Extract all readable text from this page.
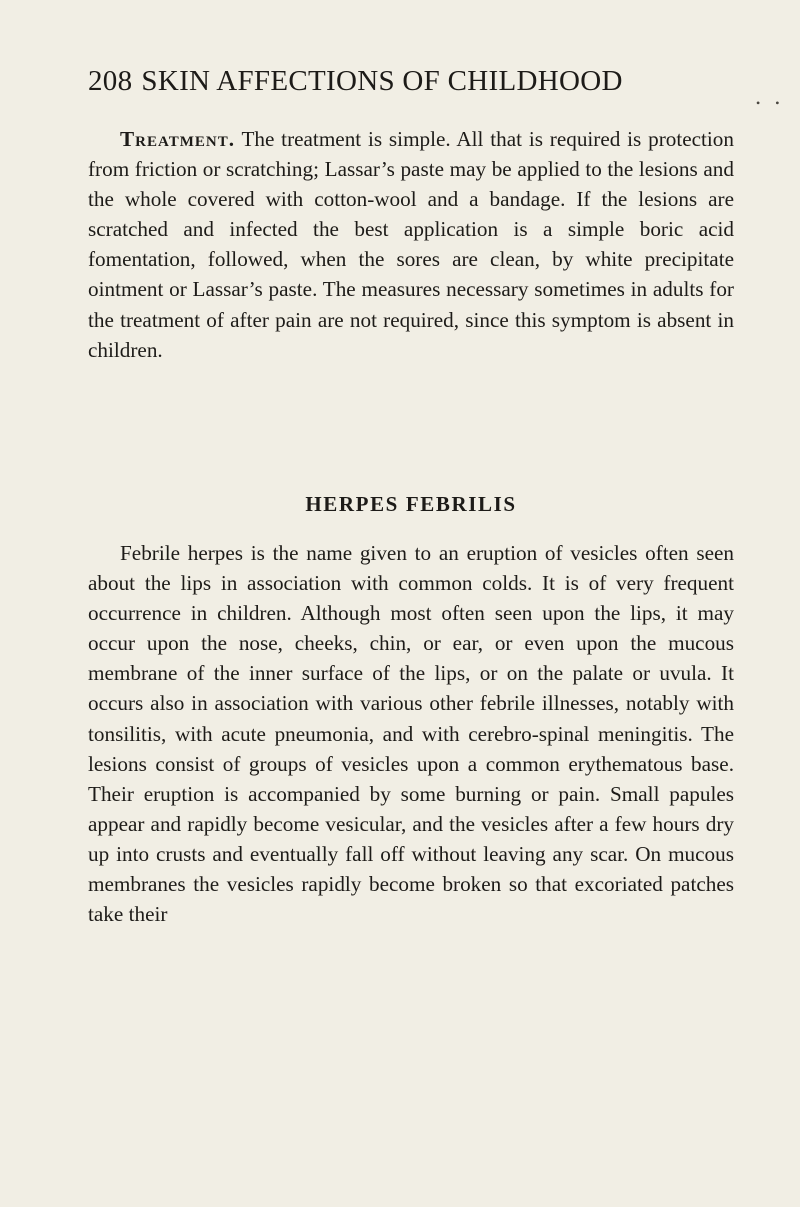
208 SKIN AFFECTIONS OF CHILDHOOD
• •

Treatment. The treatment is simple. All that is required is protection from friction or scratching; Lassar’s paste may be applied to the lesions and the whole covered with cotton-wool and a bandage. If the lesions are scratched and infected the best application is a simple boric acid fomentation, followed, when the sores are clean, by white precipitate ointment or Lassar’s paste. The measures necessary sometimes in adults for the treatment of after pain are not required, since this symptom is absent in children.

HERPES FEBRILIS

Febrile herpes is the name given to an eruption of vesicles often seen about the lips in association with common colds. It is of very frequent occurrence in children. Although most often seen upon the lips, it may occur upon the nose, cheeks, chin, or ear, or even upon the mucous membrane of the inner surface of the lips, or on the palate or uvula. It occurs also in association with various other febrile illnesses, notably with tonsilitis, with acute pneumonia, and with cerebro-spinal meningitis. The lesions consist of groups of vesicles upon a common erythematous base. Their eruption is accompanied by some burning or pain. Small papules appear and rapidly become vesicular, and the vesicles after a few hours dry up into crusts and eventually fall off without leaving any scar. On mucous membranes the vesicles rapidly become broken so that excoriated patches take their
